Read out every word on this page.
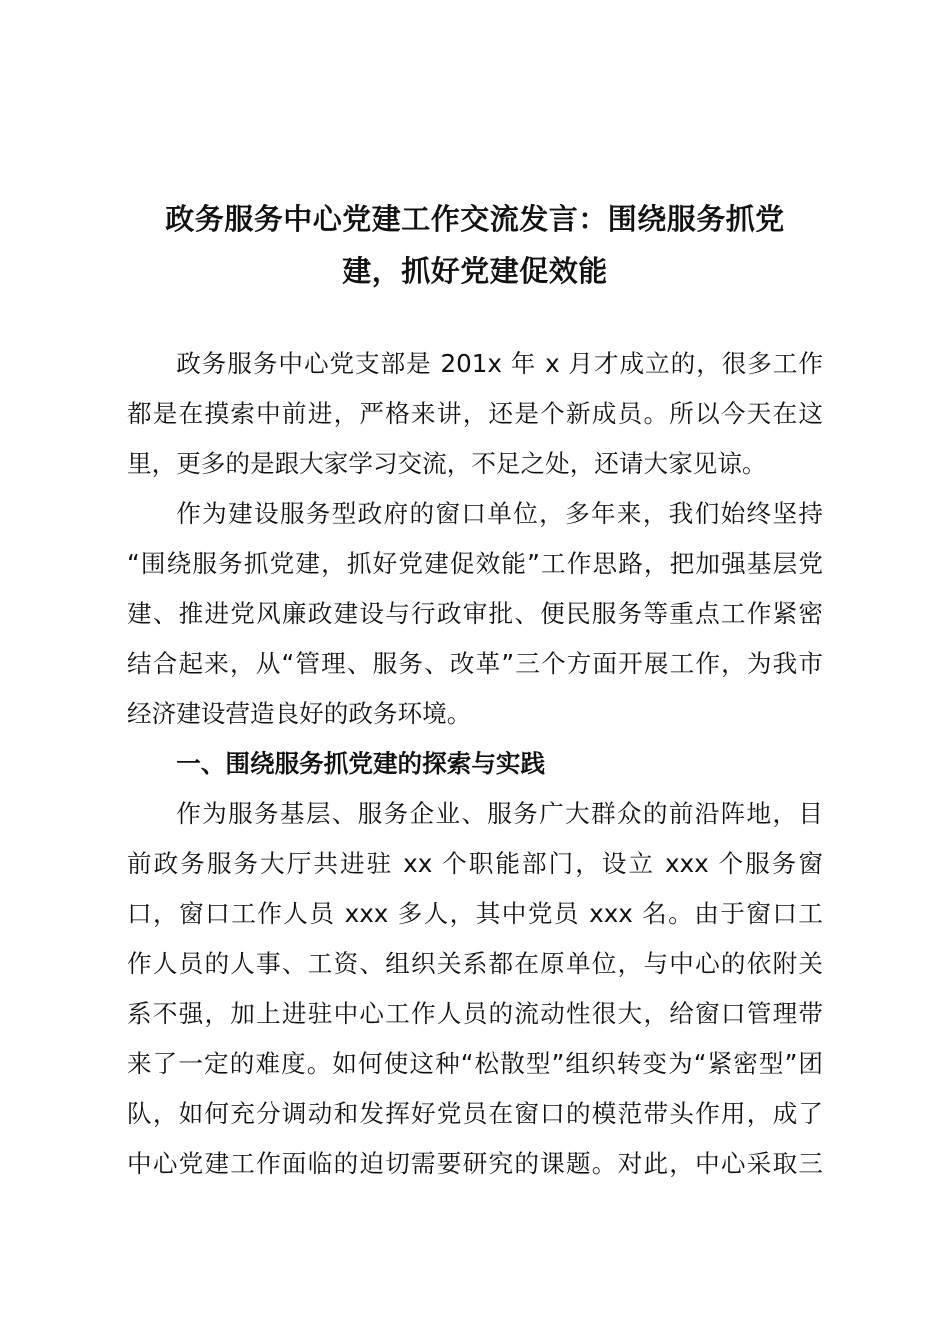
政务服务中心党建工作交流发言：围绕服务抓党
建，抓好党建促效能
政务服务中心党支部是 201x 年 x 月才成立的，很多工作
都是在摸索中前进，严格来讲，还是个新成员。所以今天在这
里，更多的是跟大家学习交流，不足之处，还请大家见谅。
作为建设服务型政府的窗口单位，多年来，我们始终坚持
“围绕服务抓党建，抓好党建促效能”工作思路，把加强基层党
建、推进党风廉政建设与行政审批、便民服务等重点工作紧密
结合起来，从“管理、服务、改革”三个方面开展工作，为我市
经济建设营造良好的政务环境。
一、围绕服务抓党建的探索与实践
作为服务基层、服务企业、服务广大群众的前沿阵地，目
前政务服务大厅共进驻 xx 个职能部门，设立 xxx 个服务窗
口，窗口工作人员 xxx 多人，其中党员 xxx 名。由于窗口工
作人员的人事、工资、组织关系都在原单位，与中心的依附关
系不强，加上进驻中心工作人员的流动性很大，给窗口管理带
来了一定的难度。如何使这种“松散型”组织转变为“紧密型”团
队，如何充分调动和发挥好党员在窗口的模范带头作用，成了
中心党建工作面临的迫切需要研究的课题。对此，中心采取三
